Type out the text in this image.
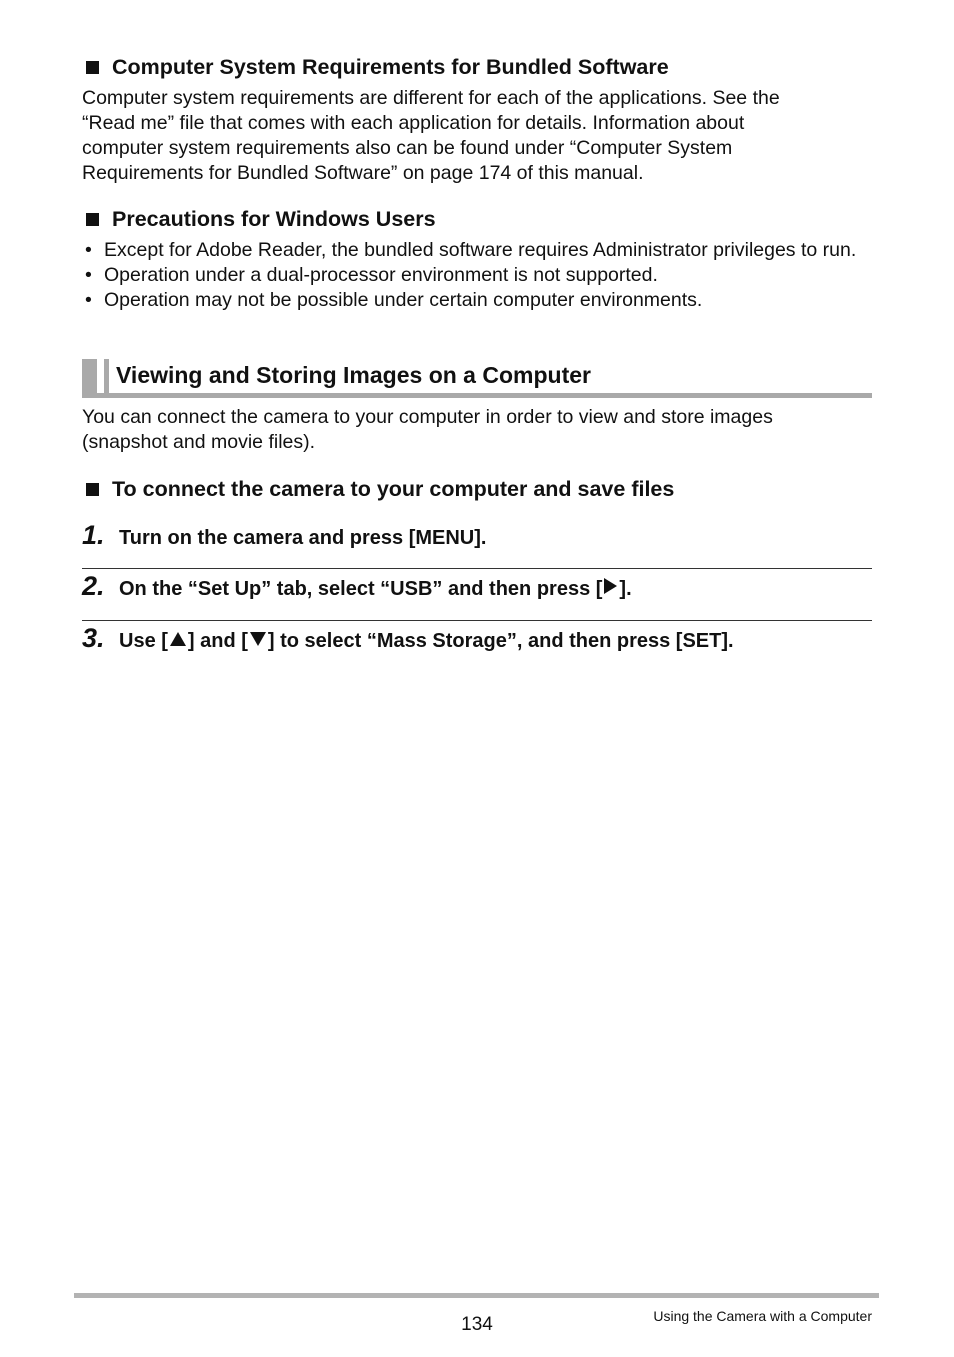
Computer System Requirements for Bundled Software
Computer system requirements are different for each of the applications. See the
“Read me” file that comes with each application for details. Information about
computer system requirements also can be found under “Computer System
Requirements for Bundled Software” on page 174 of this manual.
Precautions for Windows Users
• Except for Adobe Reader, the bundled software requires Administrator privileges to run.
• Operation under a dual-processor environment is not supported.
• Operation may not be possible under certain computer environments.
Viewing and Storing Images on a Computer
You can connect the camera to your computer in order to view and store images
(snapshot and movie files).
To connect the camera to your computer and save files
1. Turn on the camera and press [MENU].
2. On the “Set Up” tab, select “USB” and then press [ ].
3. Use [ ] and [ ] to select “Mass Storage”, and then press [SET].
134	Using the Camera with a Computer
